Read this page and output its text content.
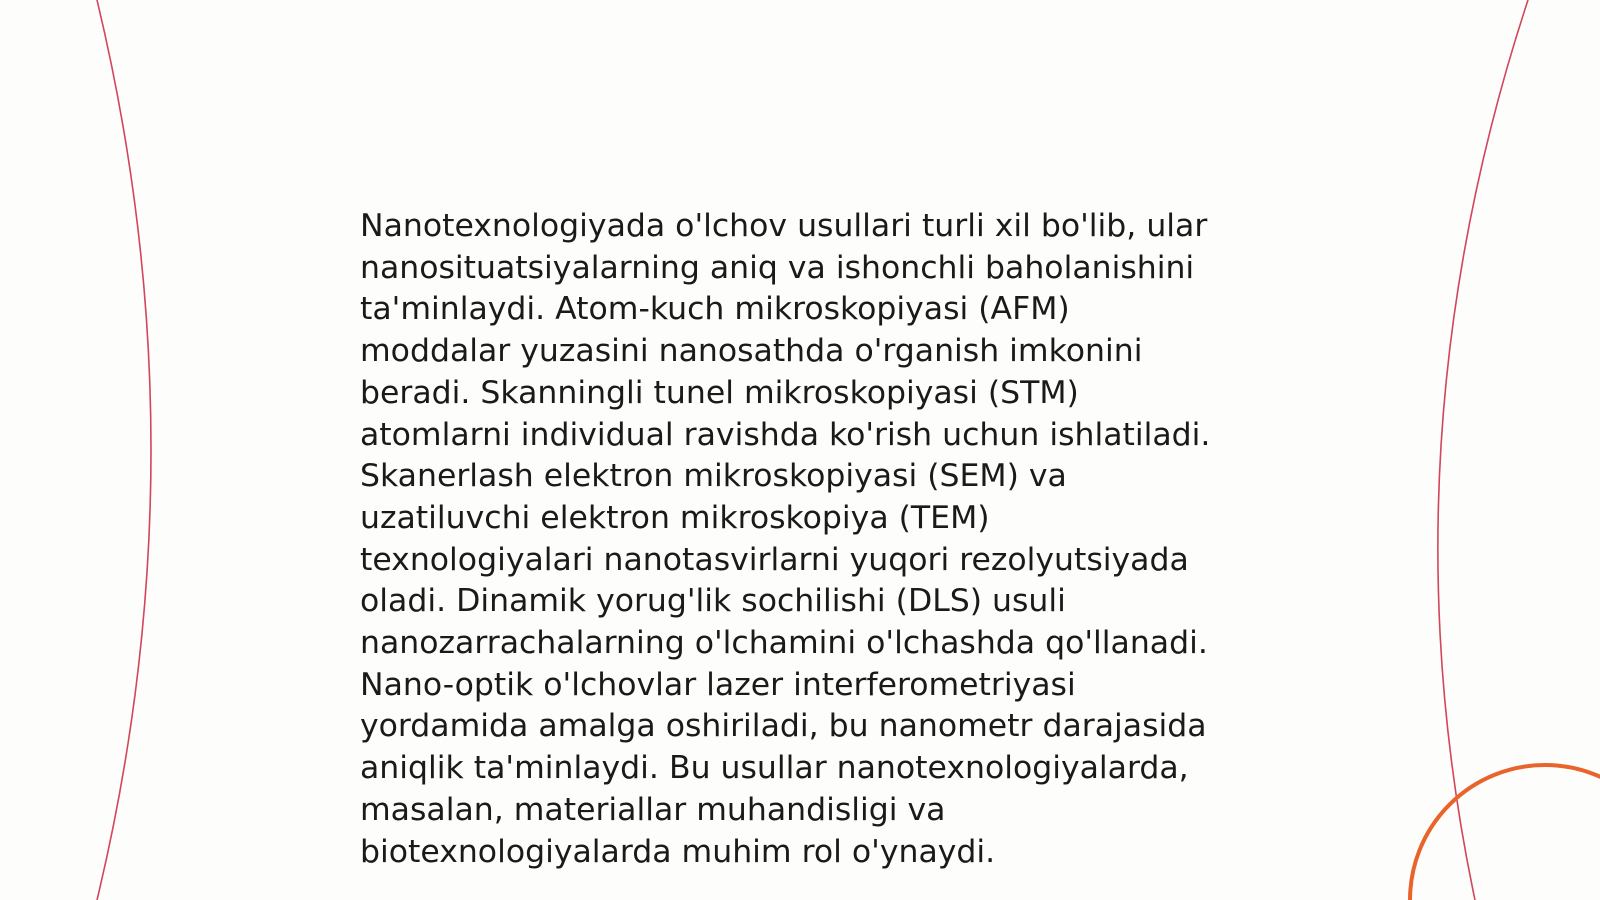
Nanotexnologiyada o'lchov usullari turli xil bo'lib, ular
nanosituatsiyalarning aniq va ishonchli baholanishini
ta'minlaydi. Atom-kuch mikroskopiyasi (AFM)
moddalar yuzasini nanosathda o'rganish imkonini
beradi. Skanningli tunel mikroskopiyasi (STM)
atomlarni individual ravishda ko'rish uchun ishlatiladi.
Skanerlash elektron mikroskopiyasi (SEM) va
uzatiluvchi elektron mikroskopiya (TEM)
texnologiyalari nanotasvirlarni yuqori rezolyutsiyada
oladi. Dinamik yorug'lik sochilishi (DLS) usuli
nanozarrachalarning o'lchamini o'lchashda qo'llanadi.
Nano-optik o'lchovlar lazer interferometriyasi
yordamida amalga oshiriladi, bu nanometr darajasida
aniqlik ta'minlaydi. Bu usullar nanotexnologiyalarda,
masalan, materiallar muhandisligi va
biotexnologiyalarda muhim rol o'ynaydi.
